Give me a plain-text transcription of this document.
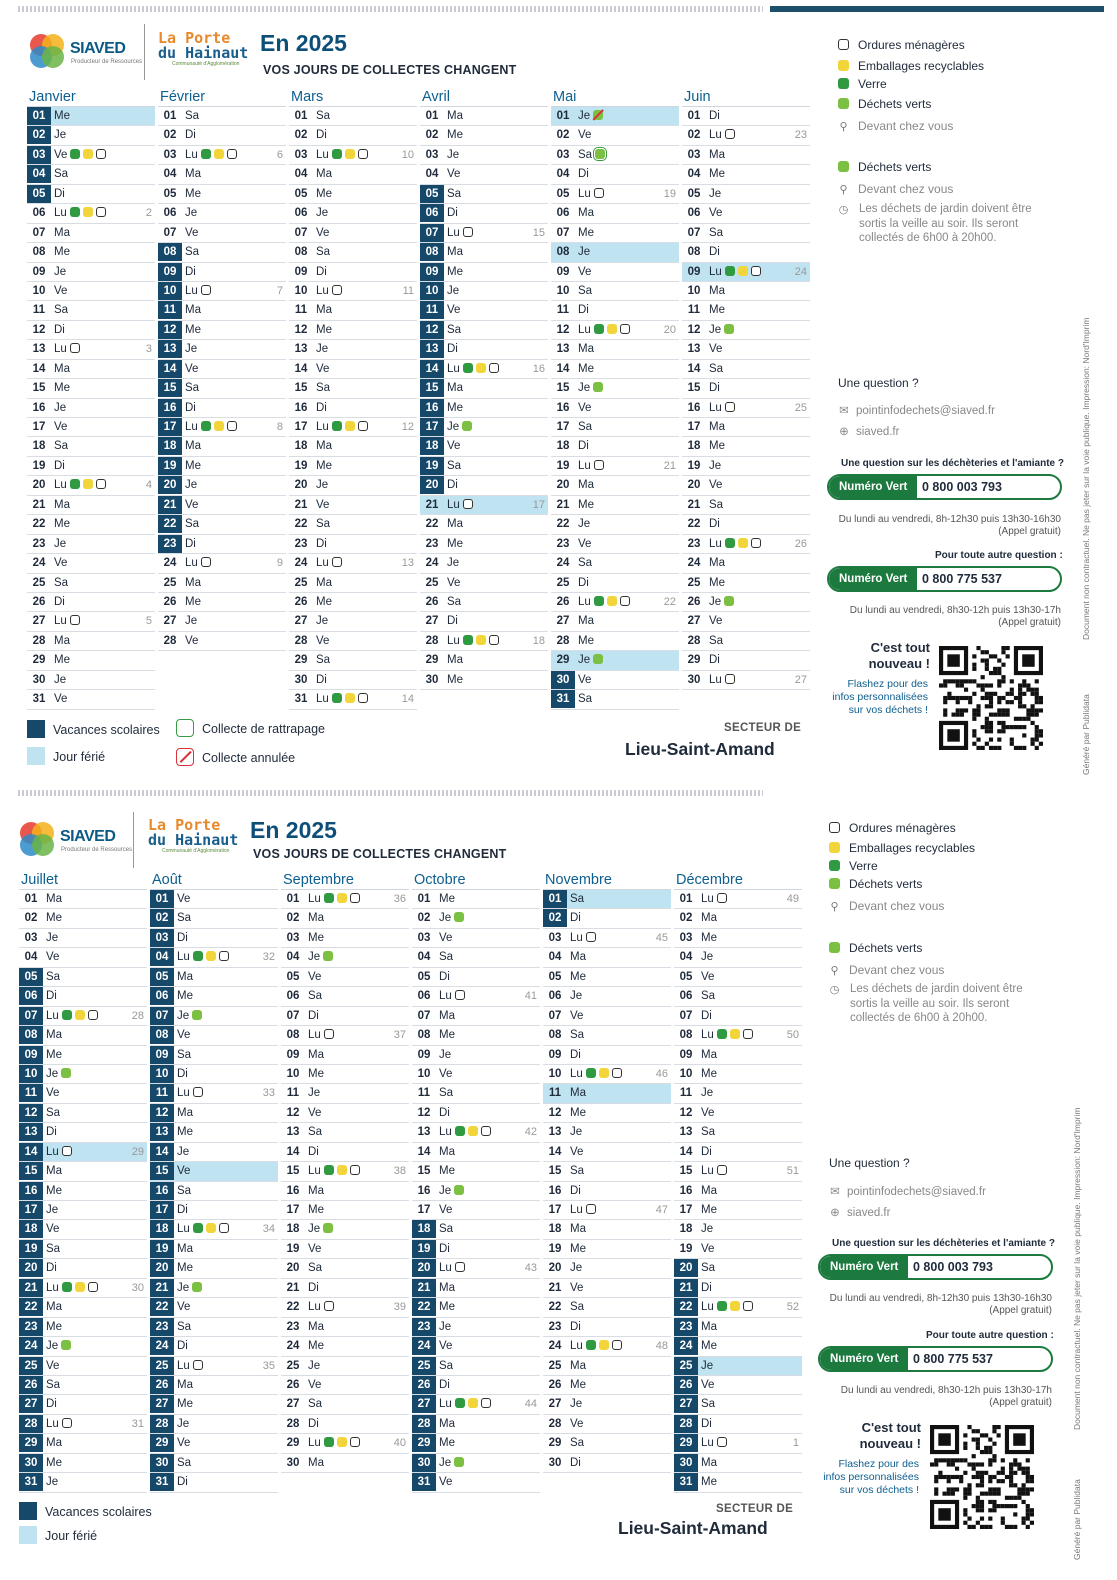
SIAVED
Producteur de Ressources
La Porte
du Hainaut
Communauté d'Agglomération
En 2025
VOS JOURS DE COLLECTES CHANGENT
Janvier
01 Me
02 Je
03 Ve
04 Sa
05 Di
06 Lu	2
07 Ma
08 Me
09 Je
10 Ve
11 Sa
12 Di
13 Lu	3
14 Ma
15 Me
16 Je
17 Ve
18 Sa
19 Di
20 Lu	4
21 Ma
22 Me
23 Je
24 Ve
25 Sa
26 Di
27 Lu	5
28 Ma
29 Me
30 Je
31 Ve
Février
01 Sa
02 Di
03 Lu	6
04 Ma
05 Me
06 Je
07 Ve
08 Sa
09 Di
10 Lu	7
11 Ma
12 Me
13 Je
14 Ve
15 Sa
16 Di
17 Lu	8
18 Ma
19 Me
20 Je
21 Ve
22 Sa
23 Di
24 Lu	9
25 Ma
26 Me
27 Je
28 Ve
Mars
01 Sa
02 Di
03 Lu	10
04 Ma
05 Me
06 Je
07 Ve
08 Sa
09 Di
10 Lu	11
11 Ma
12 Me
13 Je
14 Ve
15 Sa
16 Di
17 Lu	12
18 Ma
19 Me
20 Je
21 Ve
22 Sa
23 Di
24 Lu	13
25 Ma
26 Me
27 Je
28 Ve
29 Sa
30 Di
31 Lu	14
Avril
01 Ma
02 Me
03 Je
04 Ve
05 Sa
06 Di
07 Lu	15
08 Ma
09 Me
10 Je
11 Ve
12 Sa
13 Di
14 Lu	16
15 Ma
16 Me
17 Je
18 Ve
19 Sa
20 Di
21 Lu	17
22 Ma
23 Me
24 Je
25 Ve
26 Sa
27 Di
28 Lu	18
29 Ma
30 Me
Mai
01 Je
02 Ve
03 Sa
04 Di
05 Lu	19
06 Ma
07 Me
08 Je
09 Ve
10 Sa
11 Di
12 Lu	20
13 Ma
14 Me
15 Je
16 Ve
17 Sa
18 Di
19 Lu	21
20 Ma
21 Me
22 Je
23 Ve
24 Sa
25 Di
26 Lu	22
27 Ma
28 Me
29 Je
30 Ve
31 Sa
Juin
01 Di
02 Lu	23
03 Ma
04 Me
05 Je
06 Ve
07 Sa
08 Di
09 Lu	24
10 Ma
11 Me
12 Je
13 Ve
14 Sa
15 Di
16 Lu	25
17 Ma
18 Me
19 Je
20 Ve
21 Sa
22 Di
23 Lu	26
24 Ma
25 Me
26 Je
27 Ve
28 Sa
29 Di
30 Lu	27
Vacances scolaires
Jour férié
Collecte de rattrapage
Collecte annulée
SECTEUR DE
Lieu-Saint-Amand
Ordures ménagères
Emballages recyclables
Verre
Déchets verts
⚲ Devant chez vous
Déchets verts
⚲ Devant chez vous
◷ Les déchets de jardin doivent être sortis la veille au soir. Ils seront collectés de 6h00 à 20h00.
Une question ?
✉ pointinfodechets@siaved.fr
⊕ siaved.fr
Une question sur les déchèteries et l'amiante ?
Numéro Vert	0 800 003 793
Du lundi au vendredi, 8h-12h30 puis 13h30-16h30
(Appel gratuit)
Pour toute autre question :
Numéro Vert	0 800 775 537
Du lundi au vendredi, 8h30-12h puis 13h30-17h
(Appel gratuit)
C'est tout
nouveau !
Flashez pour des infos personnalisées sur vos déchets !
Document non contractuel. Ne pas jeter sur la voie publique. Impression: Nord'Imprim
Généré par Publidata
SIAVED
Producteur de Ressources
La Porte
du Hainaut
Communauté d'Agglomération
En 2025
VOS JOURS DE COLLECTES CHANGENT
Juillet
01 Ma
02 Me
03 Je
04 Ve
05 Sa
06 Di
07 Lu	28
08 Ma
09 Me
10 Je
11 Ve
12 Sa
13 Di
14 Lu	29
15 Ma
16 Me
17 Je
18 Ve
19 Sa
20 Di
21 Lu	30
22 Ma
23 Me
24 Je
25 Ve
26 Sa
27 Di
28 Lu	31
29 Ma
30 Me
31 Je
Août
01 Ve
02 Sa
03 Di
04 Lu	32
05 Ma
06 Me
07 Je
08 Ve
09 Sa
10 Di
11 Lu	33
12 Ma
13 Me
14 Je
15 Ve
16 Sa
17 Di
18 Lu	34
19 Ma
20 Me
21 Je
22 Ve
23 Sa
24 Di
25 Lu	35
26 Ma
27 Me
28 Je
29 Ve
30 Sa
31 Di
Septembre
01 Lu	36
02 Ma
03 Me
04 Je
05 Ve
06 Sa
07 Di
08 Lu	37
09 Ma
10 Me
11 Je
12 Ve
13 Sa
14 Di
15 Lu	38
16 Ma
17 Me
18 Je
19 Ve
20 Sa
21 Di
22 Lu	39
23 Ma
24 Me
25 Je
26 Ve
27 Sa
28 Di
29 Lu	40
30 Ma
Octobre
01 Me
02 Je
03 Ve
04 Sa
05 Di
06 Lu	41
07 Ma
08 Me
09 Je
10 Ve
11 Sa
12 Di
13 Lu	42
14 Ma
15 Me
16 Je
17 Ve
18 Sa
19 Di
20 Lu	43
21 Ma
22 Me
23 Je
24 Ve
25 Sa
26 Di
27 Lu	44
28 Ma
29 Me
30 Je
31 Ve
Novembre
01 Sa
02 Di
03 Lu	45
04 Ma
05 Me
06 Je
07 Ve
08 Sa
09 Di
10 Lu	46
11 Ma
12 Me
13 Je
14 Ve
15 Sa
16 Di
17 Lu	47
18 Ma
19 Me
20 Je
21 Ve
22 Sa
23 Di
24 Lu	48
25 Ma
26 Me
27 Je
28 Ve
29 Sa
30 Di
Décembre
01 Lu	49
02 Ma
03 Me
04 Je
05 Ve
06 Sa
07 Di
08 Lu	50
09 Ma
10 Me
11 Je
12 Ve
13 Sa
14 Di
15 Lu	51
16 Ma
17 Me
18 Je
19 Ve
20 Sa
21 Di
22 Lu	52
23 Ma
24 Me
25 Je
26 Ve
27 Sa
28 Di
29 Lu	1
30 Ma
31 Me
Vacances scolaires
Jour férié
SECTEUR DE
Lieu-Saint-Amand
Ordures ménagères
Emballages recyclables
Verre
Déchets verts
⚲ Devant chez vous
Déchets verts
⚲ Devant chez vous
◷ Les déchets de jardin doivent être sortis la veille au soir. Ils seront collectés de 6h00 à 20h00.
Une question ?
✉ pointinfodechets@siaved.fr
⊕ siaved.fr
Une question sur les déchèteries et l'amiante ?
Numéro Vert	0 800 003 793
Du lundi au vendredi, 8h-12h30 puis 13h30-16h30
(Appel gratuit)
Pour toute autre question :
Numéro Vert	0 800 775 537
Du lundi au vendredi, 8h30-12h puis 13h30-17h
(Appel gratuit)
C'est tout
nouveau !
Flashez pour des infos personnalisées sur vos déchets !
Document non contractuel. Ne pas jeter sur la voie publique. Impression: Nord'Imprim
Généré par Publidata
